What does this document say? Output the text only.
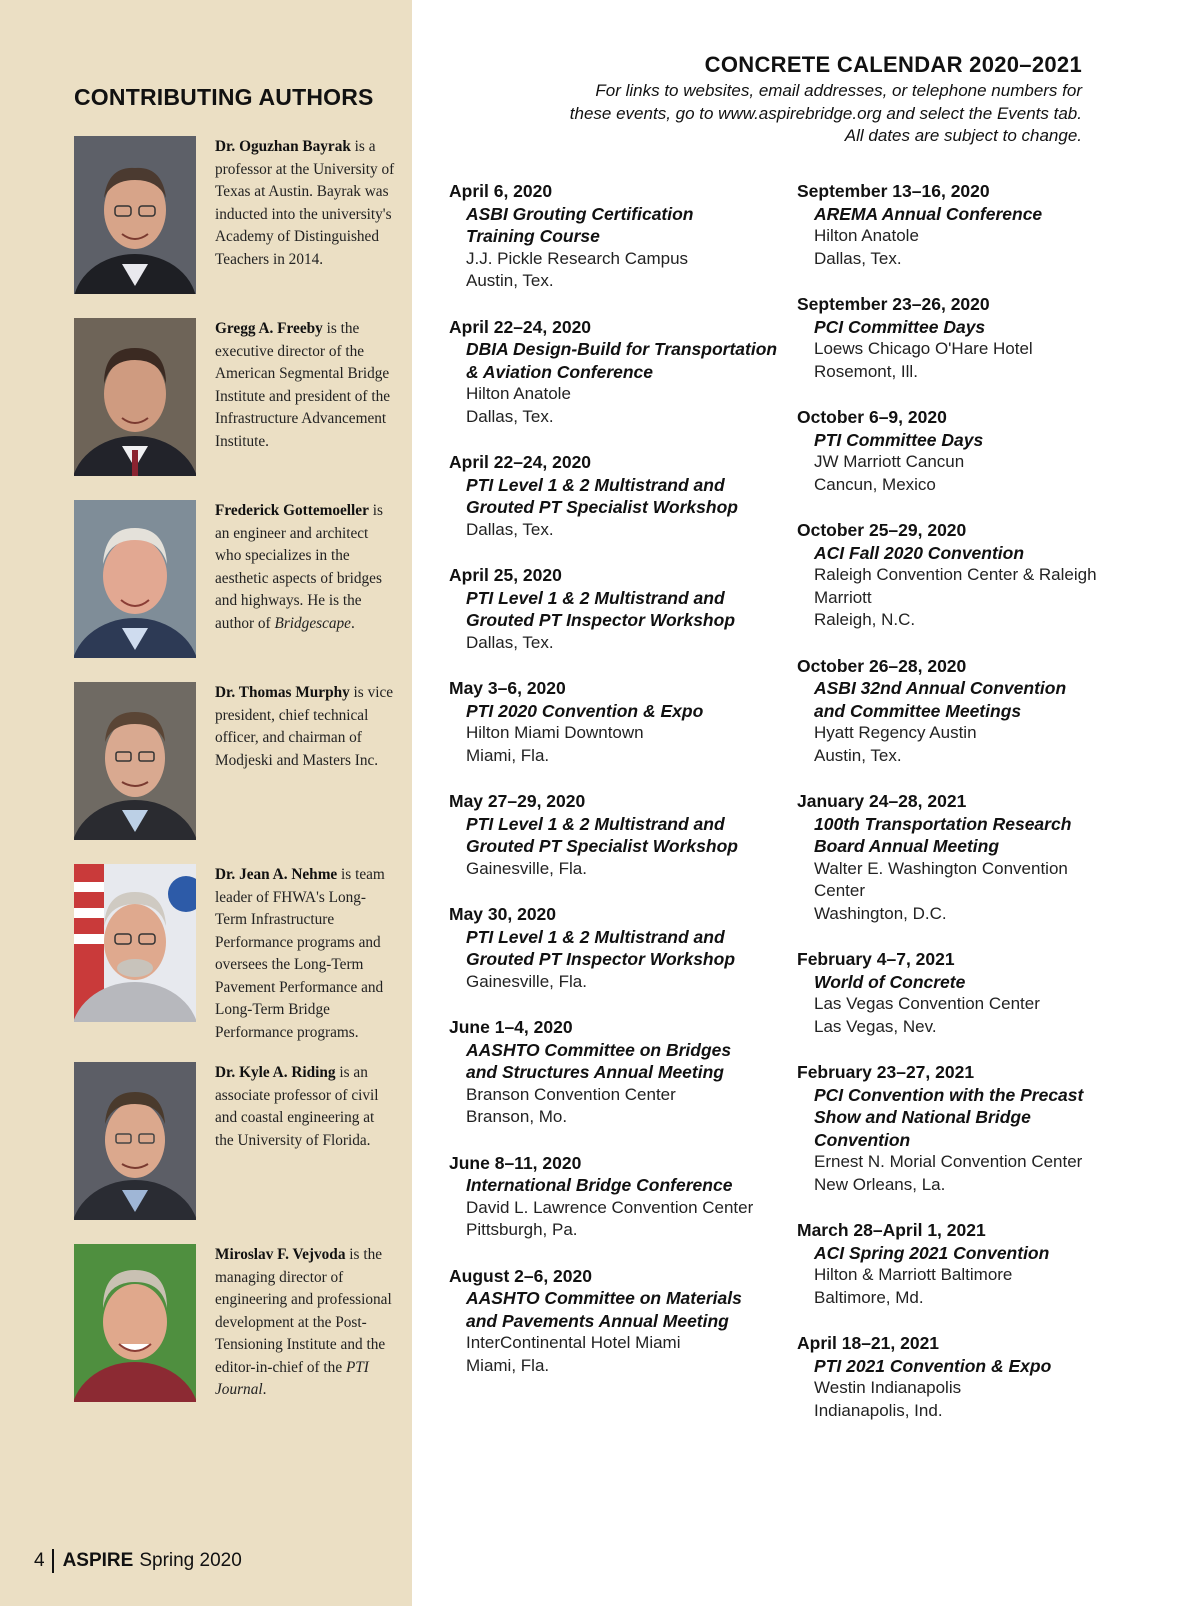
CONTRIBUTING AUTHORS
Dr. Oguzhan Bayrak is a professor at the University of Texas at Austin. Bayrak was inducted into the university's Academy of Distinguished Teachers in 2014.
Gregg A. Freeby is the executive director of the American Segmental Bridge Institute and president of the Infrastructure Advancement Institute.
Frederick Gottemoeller is an engineer and architect who specializes in the aesthetic aspects of bridges and highways. He is the author of Bridgescape.
Dr. Thomas Murphy is vice president, chief technical officer, and chairman of Modjeski and Masters Inc.
Dr. Jean A. Nehme is team leader of FHWA's Long-Term Infrastructure Performance programs and oversees the Long-Term Pavement Performance and Long-Term Bridge Performance programs.
Dr. Kyle A. Riding is an associate professor of civil and coastal engineering at the University of Florida.
Miroslav F. Vejvoda is the managing director of engineering and professional development at the Post-Tensioning Institute and the editor-in-chief of the PTI Journal.
4 ASPIRE Spring 2020
CONCRETE CALENDAR 2020–2021
For links to websites, email addresses, or telephone numbers for
these events, go to www.aspirebridge.org and select the Events tab.
All dates are subject to change.
April 6, 2020
ASBI Grouting Certification
Training Course
J.J. Pickle Research Campus
Austin, Tex.
April 22–24, 2020
DBIA Design-Build for Transportation
& Aviation Conference
Hilton Anatole
Dallas, Tex.
April 22–24, 2020
PTI Level 1 & 2 Multistrand and
Grouted PT Specialist Workshop
Dallas, Tex.
April 25, 2020
PTI Level 1 & 2 Multistrand and
Grouted PT Inspector Workshop
Dallas, Tex.
May 3–6, 2020
PTI 2020 Convention & Expo
Hilton Miami Downtown
Miami, Fla.
May 27–29, 2020
PTI Level 1 & 2 Multistrand and
Grouted PT Specialist Workshop
Gainesville, Fla.
May 30, 2020
PTI Level 1 & 2 Multistrand and
Grouted PT Inspector Workshop
Gainesville, Fla.
June 1–4, 2020
AASHTO Committee on Bridges
and Structures Annual Meeting
Branson Convention Center
Branson, Mo.
June 8–11, 2020
International Bridge Conference
David L. Lawrence Convention Center
Pittsburgh, Pa.
August 2–6, 2020
AASHTO Committee on Materials
and Pavements Annual Meeting
InterContinental Hotel Miami
Miami, Fla.
September 13–16, 2020
AREMA Annual Conference
Hilton Anatole
Dallas, Tex.
September 23–26, 2020
PCI Committee Days
Loews Chicago O'Hare Hotel
Rosemont, Ill.
October 6–9, 2020
PTI Committee Days
JW Marriott Cancun
Cancun, Mexico
October 25–29, 2020
ACI Fall 2020 Convention
Raleigh Convention Center & Raleigh
Marriott
Raleigh, N.C.
October 26–28, 2020
ASBI 32nd Annual Convention
and Committee Meetings
Hyatt Regency Austin
Austin, Tex.
January 24–28, 2021
100th Transportation Research
Board Annual Meeting
Walter E. Washington Convention
Center
Washington, D.C.
February 4–7, 2021
World of Concrete
Las Vegas Convention Center
Las Vegas, Nev.
February 23–27, 2021
PCI Convention with the Precast
Show and National Bridge
Convention
Ernest N. Morial Convention Center
New Orleans, La.
March 28–April 1, 2021
ACI Spring 2021 Convention
Hilton & Marriott Baltimore
Baltimore, Md.
April 18–21, 2021
PTI 2021 Convention & Expo
Westin Indianapolis
Indianapolis, Ind.
